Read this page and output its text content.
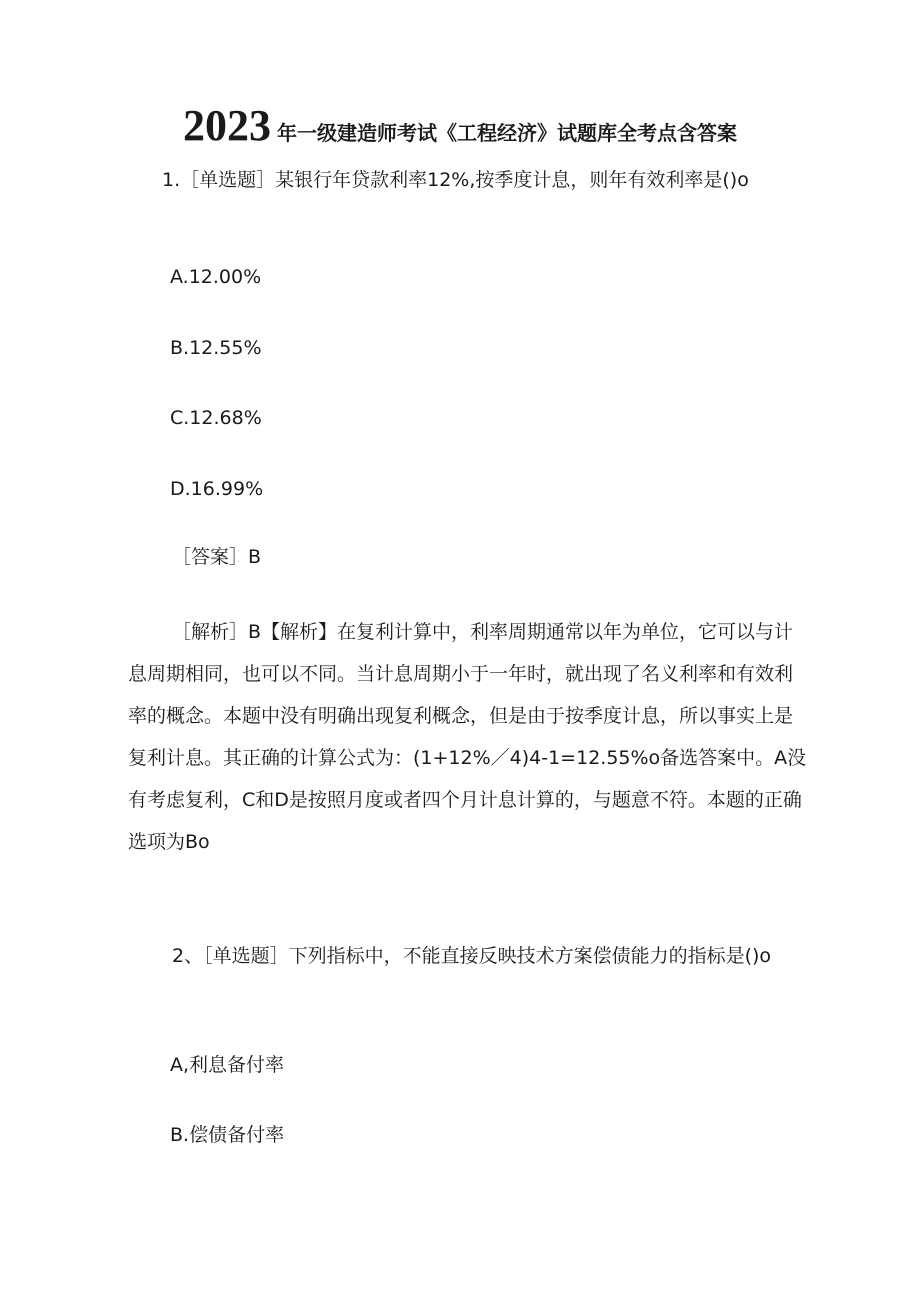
2023 年一级建造师考试《工程经济》试题库全考点含答案
1.［单选题］某银行年贷款利率12%,按季度计息，则年有效利率是()o
A.12.00%
B.12.55%
C.12.68%
D.16.99%
［答案］B
［解析］B【解析】在复利计算中，利率周期通常以年为单位，它可以与计息周期相同，也可以不同。当计息周期小于一年时，就出现了名义利率和有效利率的概念。本题中没有明确出现复利概念，但是由于按季度计息，所以事实上是复利计息。其正确的计算公式为：(1+12%／4)4-1=12.55%o备选答案中。A没有考虑复利，C和D是按照月度或者四个月计息计算的，与题意不符。本题的正确选项为Bo
2、［单选题］下列指标中，不能直接反映技术方案偿债能力的指标是()o
A,利息备付率
B.偿债备付率
